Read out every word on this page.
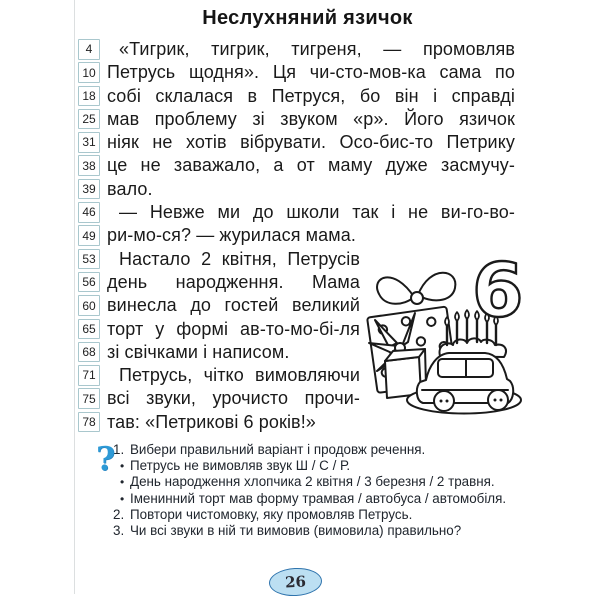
Неслухняний язичок
4
10
18
25
31
38
39
46
49
53
56
60
65
68
71
75
78
«Тигрик, тигрик, тигреня, — промовляв
Петрусь щодня». Ця чи-сто-мов-ка сама по
собі склалася в Петруся, бо він і справді
мав проблему зі звуком «р». Його язичок
ніяк не хотів вібрувати. Осо-бис-то Петрику
це не заважало, а от маму дуже засмучу-
вало.
— Невже ми до школи так і не ви-го-во-
ри-мо-ся? — журилася мама.
Настало 2 квітня, Петрусів
день народження. Мама
винесла до гостей великий
торт у формі ав-то-мо-бі-ля
зі свічками і написом.
Петрусь, чітко вимовляючи
всі звуки, урочисто прочи-
тав: «Петрикові 6 років!»
6
?
1. Вибери правильний варіант і продовж речення.
• Петрусь не вимовляв звук Ш / С / Р.
• День народження хлопчика 2 квітня / 3 березня / 2 травня.
• Іменинний торт мав форму трамвая / автобуса / автомобіля.
2. Повтори чистомовку, яку промовляв Петрусь.
3. Чи всі звуки в ній ти вимовив (вимовила) правильно?
26
